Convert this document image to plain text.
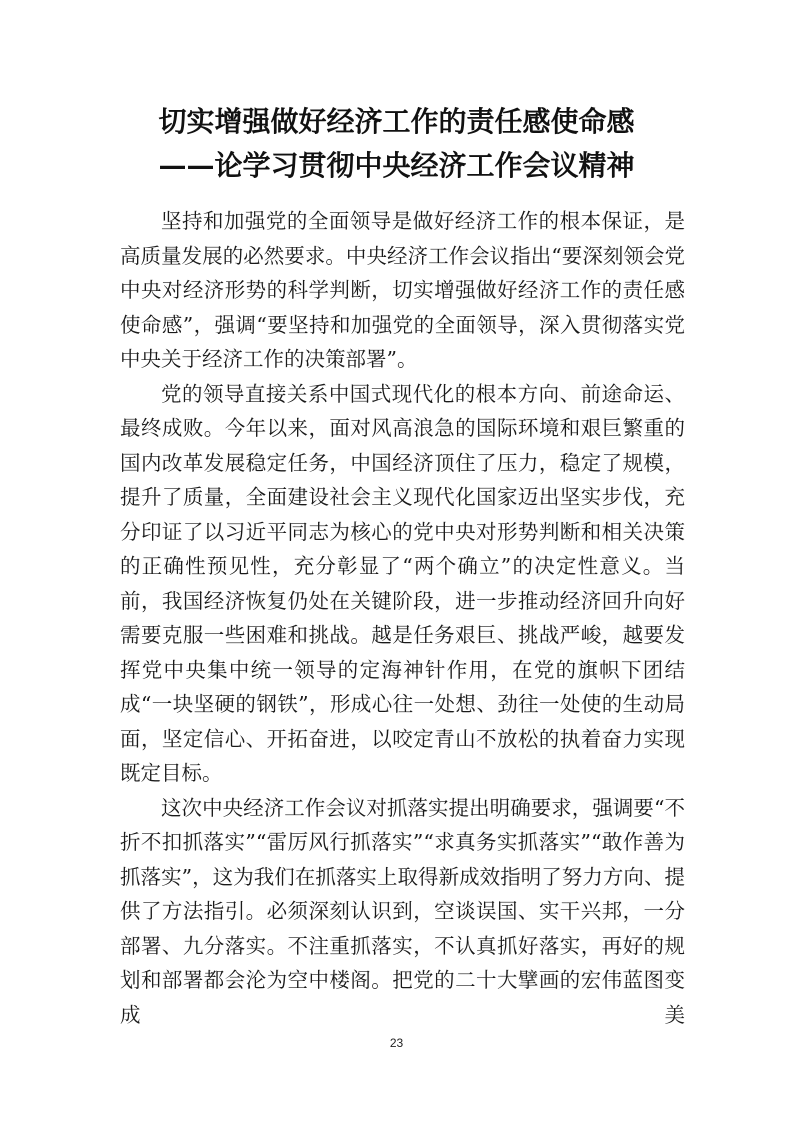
切实增强做好经济工作的责任感使命感
——论学习贯彻中央经济工作会议精神

坚持和加强党的全面领导是做好经济工作的根本保证，是高质量发展的必然要求。中央经济工作会议指出“要深刻领会党中央对经济形势的科学判断，切实增强做好经济工作的责任感使命感”，强调“要坚持和加强党的全面领导，深入贯彻落实党中央关于经济工作的决策部署”。

党的领导直接关系中国式现代化的根本方向、前途命运、最终成败。今年以来，面对风高浪急的国际环境和艰巨繁重的国内改革发展稳定任务，中国经济顶住了压力，稳定了规模，提升了质量，全面建设社会主义现代化国家迈出坚实步伐，充分印证了以习近平同志为核心的党中央对形势判断和相关决策的正确性预见性，充分彰显了“两个确立”的决定性意义。当前，我国经济恢复仍处在关键阶段，进一步推动经济回升向好需要克服一些困难和挑战。越是任务艰巨、挑战严峻，越要发挥党中央集中统一领导的定海神针作用，在党的旗帜下团结成“一块坚硬的钢铁”，形成心往一处想、劲往一处使的生动局面，坚定信心、开拓奋进，以咬定青山不放松的执着奋力实现既定目标。

这次中央经济工作会议对抓落实提出明确要求，强调要“不折不扣抓落实”“雷厉风行抓落实”“求真务实抓落实”“敢作善为抓落实”，这为我们在抓落实上取得新成效指明了努力方向、提供了方法指引。必须深刻认识到，空谈误国、实干兴邦，一分部署、九分落实。不注重抓落实，不认真抓好落实，再好的规划和部署都会沦为空中楼阁。把党的二十大擘画的宏伟蓝图变成美

23
